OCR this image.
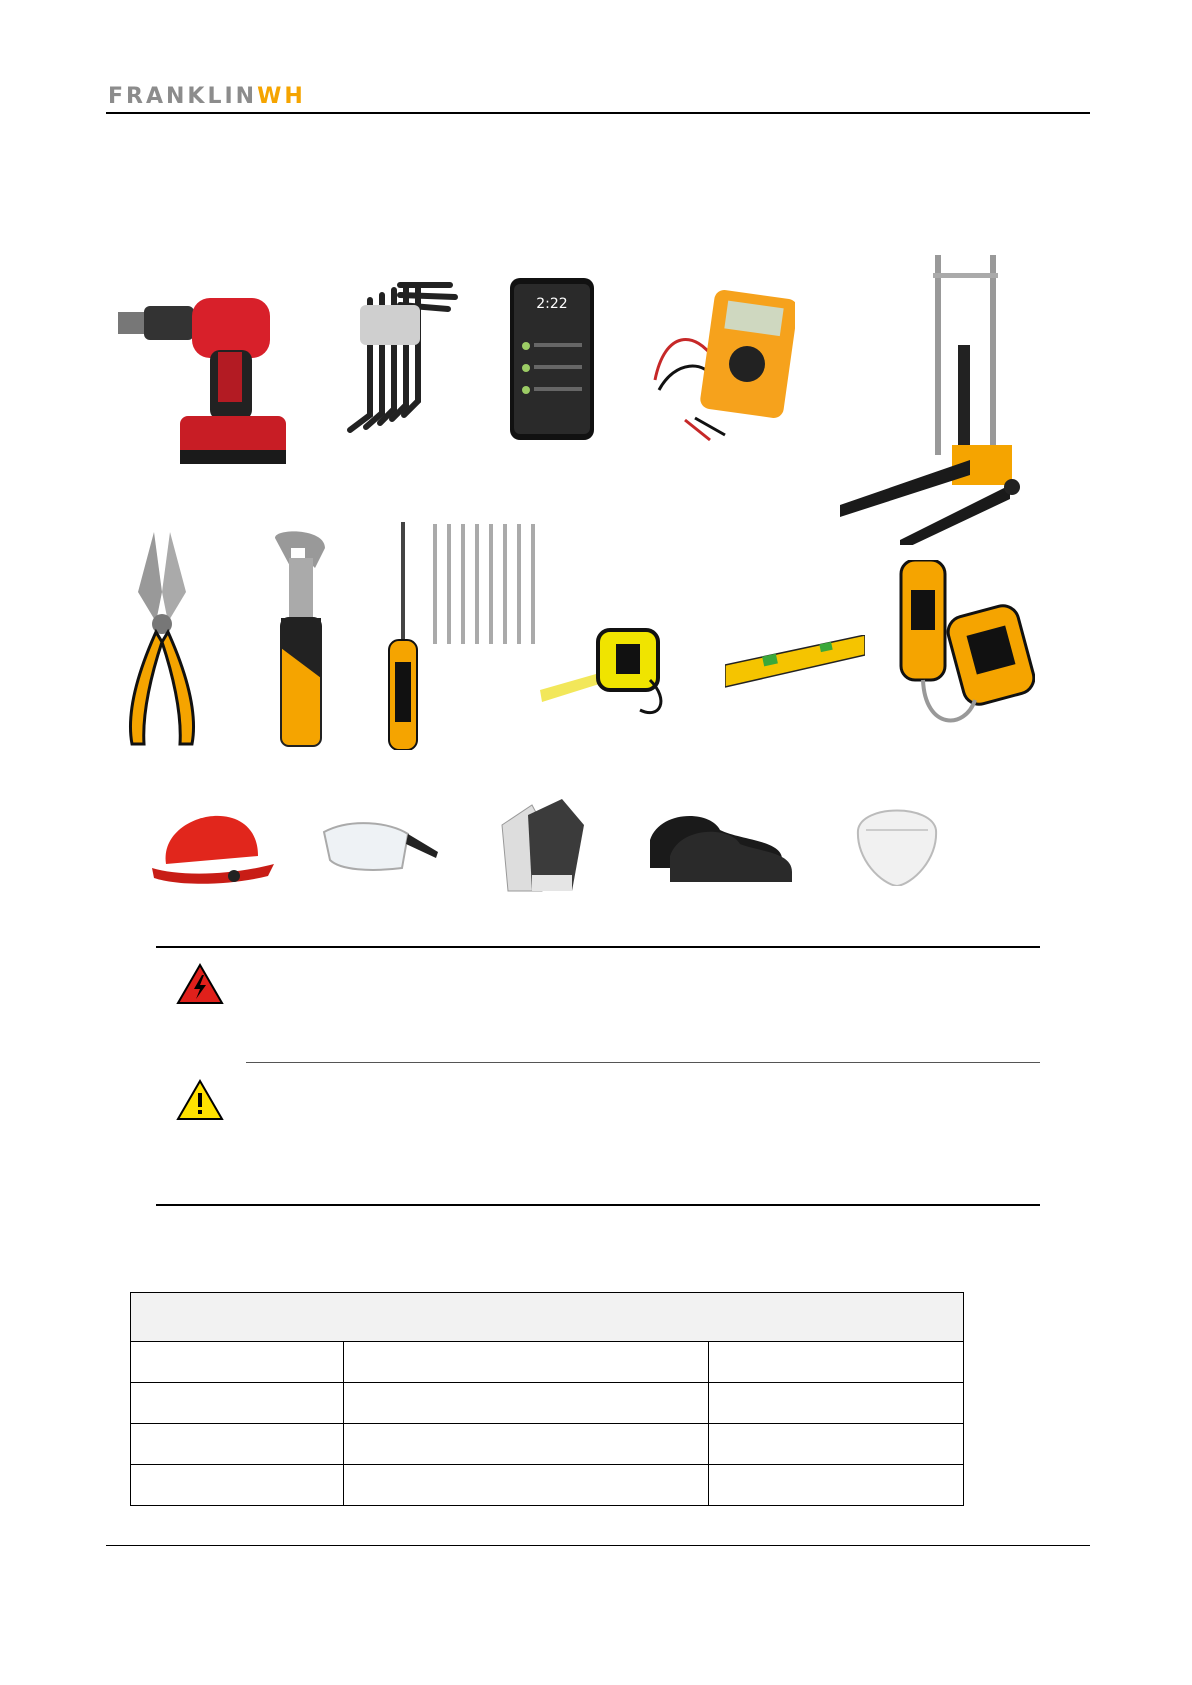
FRANKLINWH
2:22
